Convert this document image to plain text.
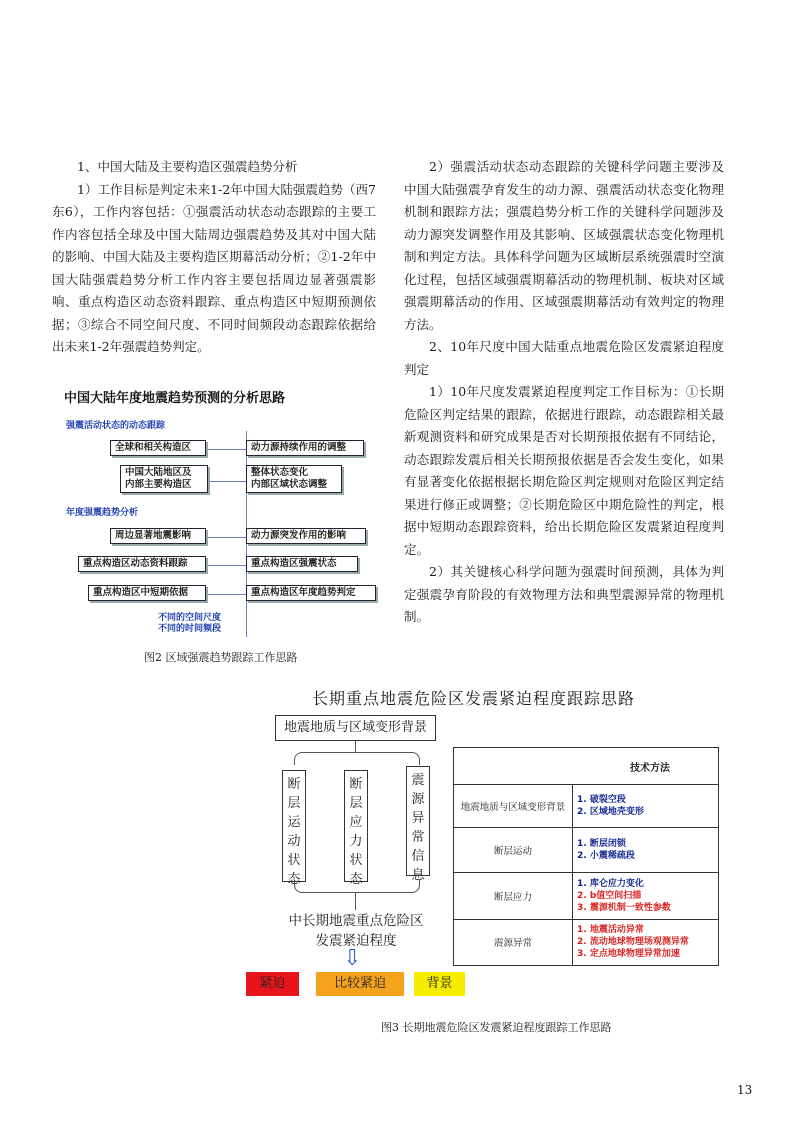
1、中国大陆及主要构造区强震趋势分析

1）工作目标是判定未来1-2年中国大陆强震趋势（西7东6），工作内容包括：①强震活动状态动态跟踪的主要工作内容包括全球及中国大陆周边强震趋势及其对中国大陆的影响、中国大陆及主要构造区期幕活动分析；②1-2年中国大陆强震趋势分析工作内容主要包括周边显著强震影响、重点构造区动态资料跟踪、重点构造区中短期预测依据；③综合不同空间尺度、不同时间频段动态跟踪依据给出未来1-2年强震趋势判定。

2）强震活动状态动态跟踪的关键科学问题主要涉及中国大陆强震孕育发生的动力源、强震活动状态变化物理机制和跟踪方法；强震趋势分析工作的关键科学问题涉及动力源突发调整作用及其影响、区域强震状态变化物理机制和判定方法。具体科学问题为区域断层系统强震时空演化过程，包括区域强震期幕活动的物理机制、板块对区域强震期幕活动的作用、区域强震期幕活动有效判定的物理方法。

2、10年尺度中国大陆重点地震危险区发震紧迫程度判定

1）10年尺度发震紧迫程度判定工作目标为：①长期危险区判定结果的跟踪，依据进行跟踪，动态跟踪相关最新观测资料和研究成果是否对长期预报依据有不同结论，动态跟踪发震后相关长期预报依据是否会发生变化，如果有显著变化依据根据长期危险区判定规则对危险区判定结果进行修正或调整；②长期危险区中期危险性的判定，根据中短期动态跟踪资料，给出长期危险区发震紧迫程度判定。

2）其关键核心科学问题为强震时间预测，具体为判定强震孕育阶段的有效物理方法和典型震源异常的物理机制。

中国大陆年度地震趋势预测的分析思路
强震活动状态的动态跟踪
年度强震趋势分析
全球和相关构造区
中国大陆地区及
内部主要构造区
周边显著地震影响
重点构造区动态资料跟踪
重点构造区中短期依据
动力源持续作用的调整
整体状态变化
内部区域状态调整
动力源突发作用的影响
重点构造区强震状态
重点构造区年度趋势判定
不同的空间尺度
不同的时间频段
图2 区域强震趋势跟踪工作思路
长期重点地震危险区发震紧迫程度跟踪思路
地震地质与区域变形背景
断层运动状态
断层应力状态
震源异常信息
中长期地震重点危险区
发震紧迫程度
⇩
紧迫	比较紧迫	背景
技术方法	
地震地质与区域变形背景	1. 破裂空段
2. 区域地壳变形

断层运动	1. 断层闭锁
2. 小震稀疏段

断层应力	1. 库仑应力变化
2. b值空间扫描
3. 震源机制一致性参数

震源异常	1. 地震活动异常
2. 流动地球物理场观测异常
3. 定点地球物理异常加速
图3 长期地震危险区发震紧迫程度跟踪工作思路
13
